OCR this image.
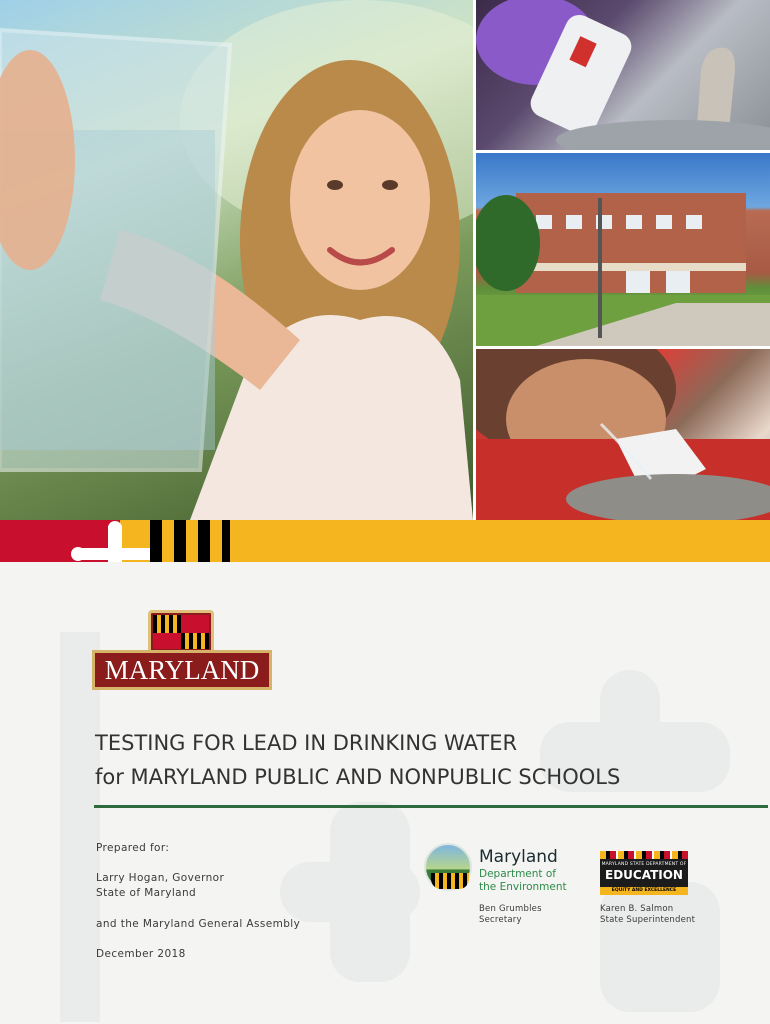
MARYLAND
TESTING FOR LEAD IN DRINKING WATER
for MARYLAND PUBLIC AND NONPUBLIC SCHOOLS
Prepared for:
Larry Hogan, Governor
State of Maryland
and the Maryland General Assembly
December 2018
Maryland
Department of
the Environment
Ben Grumbles
Secretary
MARYLAND STATE DEPARTMENT OF
EDUCATION
EQUITY AND EXCELLENCE
Karen B. Salmon
State Superintendent
